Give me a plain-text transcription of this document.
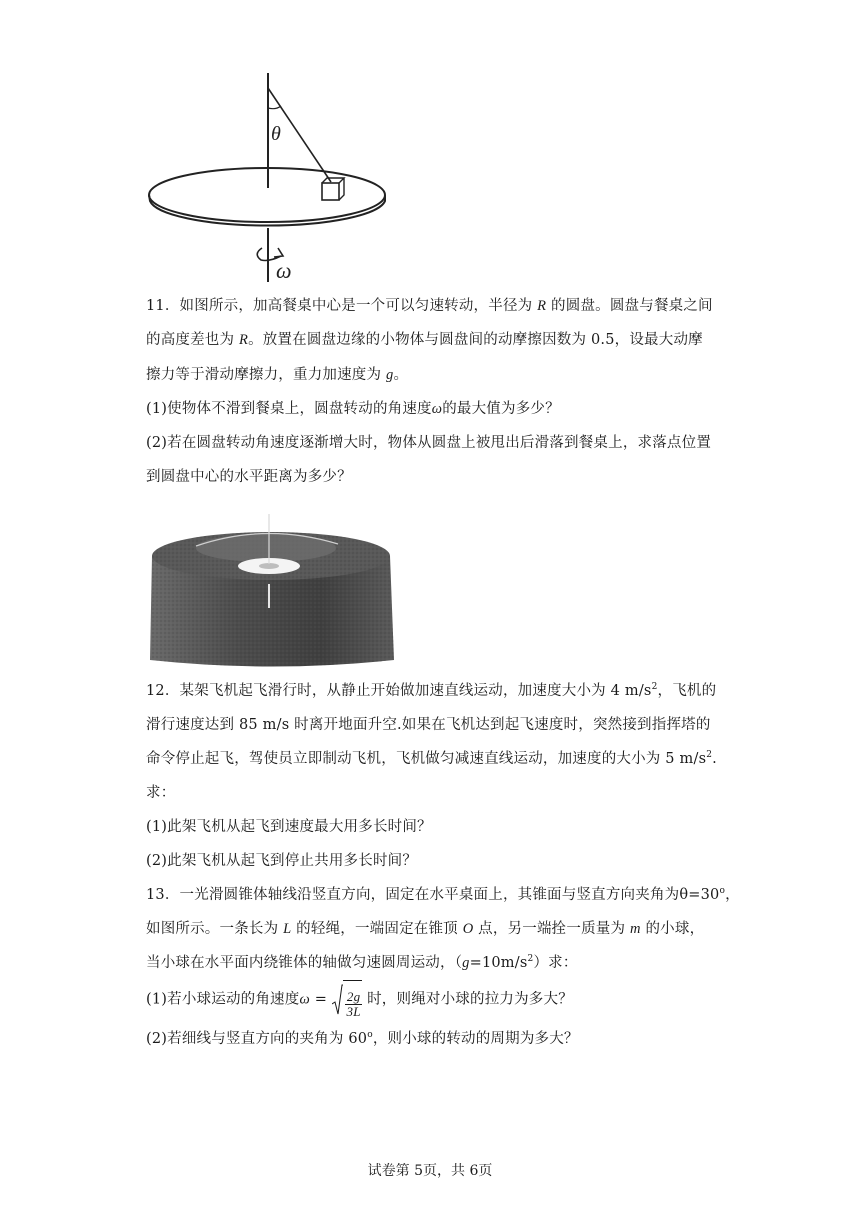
θ
ω
11．如图所示，加高餐桌中心是一个可以匀速转动，半径为 R 的圆盘。圆盘与餐桌之间
的高度差也为 R。放置在圆盘边缘的小物体与圆盘间的动摩擦因数为 0.5，设最大动摩
擦力等于滑动摩擦力，重力加速度为 g。
(1)使物体不滑到餐桌上，圆盘转动的角速度ω的最大值为多少？
(2)若在圆盘转动角速度逐渐增大时，物体从圆盘上被甩出后滑落到餐桌上，求落点位置
到圆盘中心的水平距离为多少？
12．某架飞机起飞滑行时，从静止开始做加速直线运动，加速度大小为 4 $m/s^2$，飞机的
滑行速度达到 85 m/s 时离开地面升空.如果在飞机达到起飞速度时，突然接到指挥塔的
命令停止起飞，驾使员立即制动飞机，飞机做匀减速直线运动，加速度的大小为 5 $m/s^2$.
求：
(1)此架飞机从起飞到速度最大用多长时间？
(2)此架飞机从起飞到停止共用多长时间？
13．一光滑圆锥体轴线沿竖直方向，固定在水平桌面上，其锥面与竖直方向夹角为$\theta=30^o$，
如图所示。一条长为 L 的轻绳，一端固定在锥顶 O 点，另一端拴一质量为 m 的小球，
当小球在水平面内绕锥体的轴做匀速圆周运动，$(g=10m/s^2)$求：
(1)若小球运动的角速度$\omega = \frac{2g}{3L}$ 时，则绳对小球的拉力为多大？
(2)若细线与竖直方向的夹角为 60$^o$，则小球的转动的周期为多大？
试卷第 5页，共 6页
